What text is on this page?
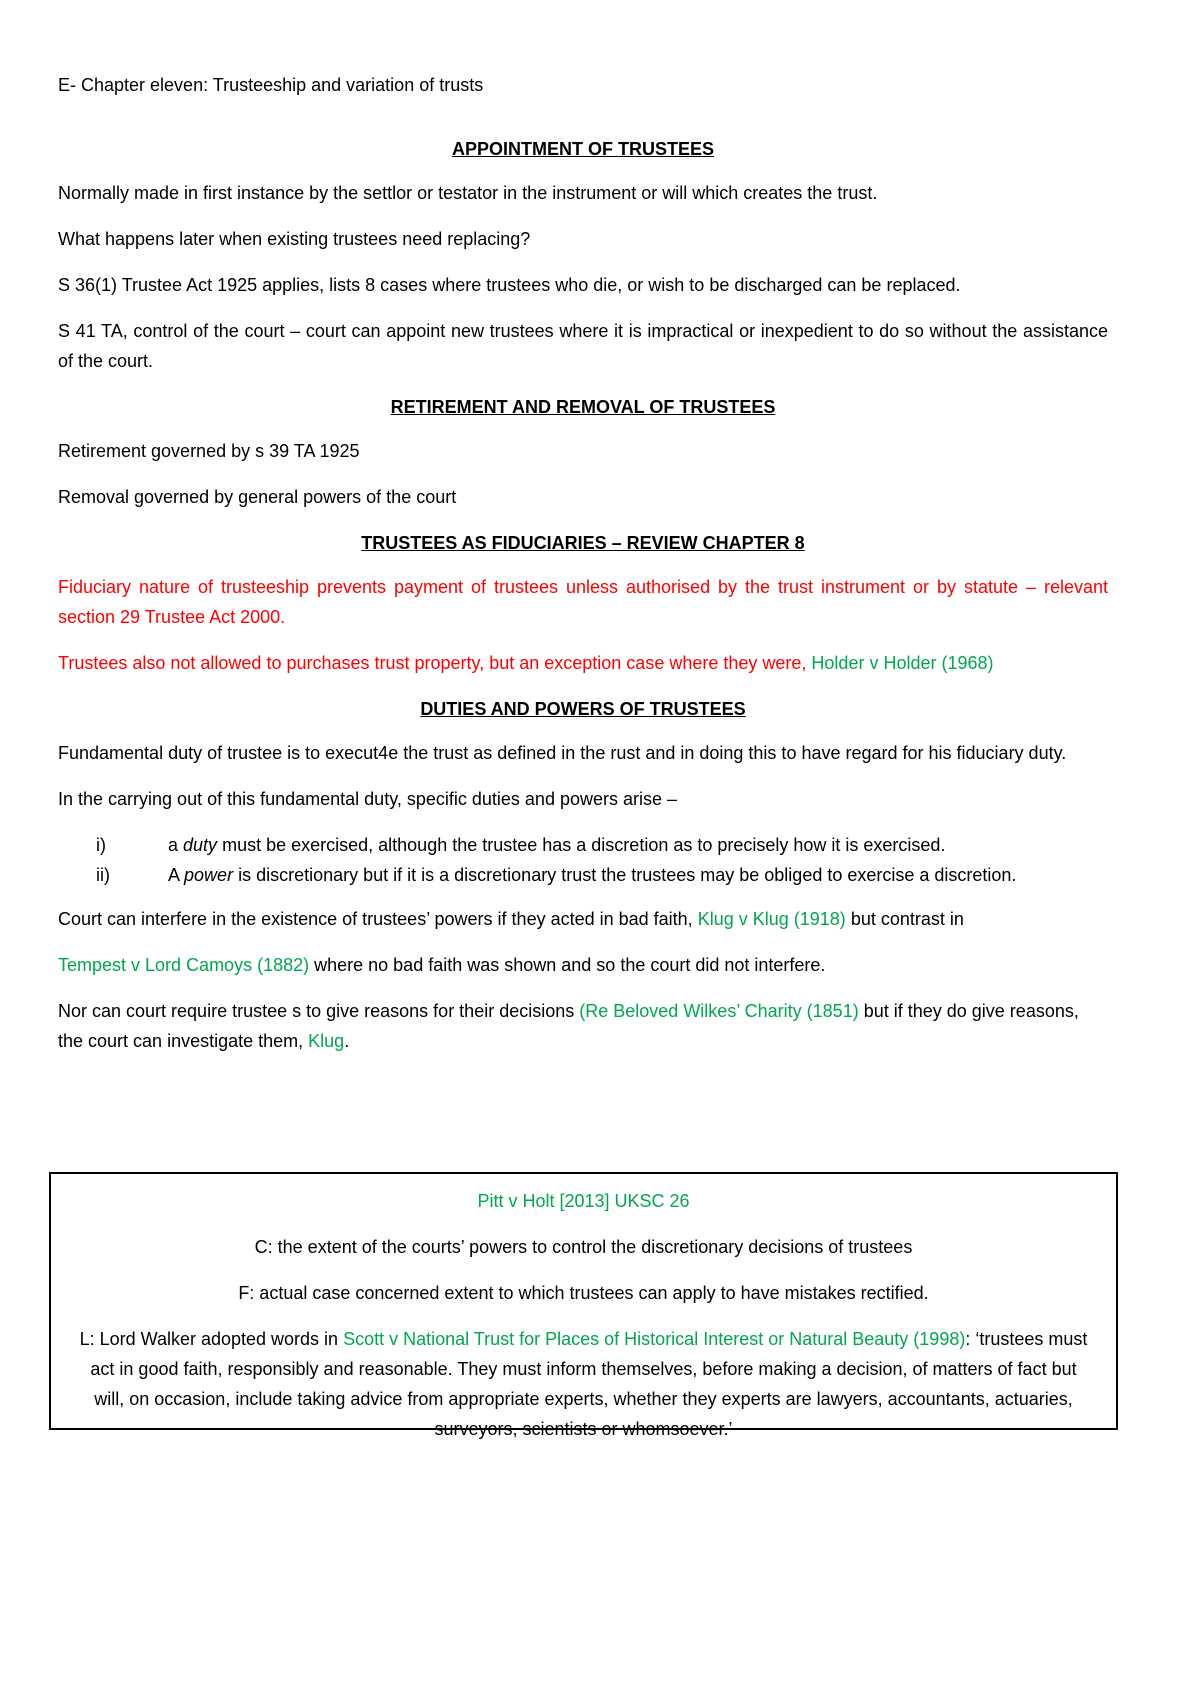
E- Chapter eleven: Trusteeship and variation of trusts

APPOINTMENT OF TRUSTEES

Normally made in first instance by the settlor or testator in the instrument or will which creates the trust.

What happens later when existing trustees need replacing?

S 36(1) Trustee Act 1925 applies, lists 8 cases where trustees who die, or wish to be discharged can be replaced.

S 41 TA, control of the court – court can appoint new trustees where it is impractical or inexpedient to do so without the assistance of the court.

RETIREMENT AND REMOVAL OF TRUSTEES

Retirement governed by s 39 TA 1925

Removal governed by general powers of the court

TRUSTEES AS FIDUCIARIES – REVIEW CHAPTER 8

Fiduciary nature of trusteeship prevents payment of trustees unless authorised by the trust instrument or by statute – relevant section 29 Trustee Act 2000.

Trustees also not allowed to purchases trust property, but an exception case where they were, Holder v Holder (1968)

DUTIES AND POWERS OF TRUSTEES

Fundamental duty of trustee is to execut4e the trust as defined in the rust and in doing this to have regard for his fiduciary duty.

In the carrying out of this fundamental duty, specific duties and powers arise –

i)	a duty must be exercised, although the trustee has a discretion as to precisely how it is exercised.
ii)	A power is discretionary but if it is a discretionary trust the trustees may be obliged to exercise a discretion.

Court can interfere in the existence of trustees’ powers if they acted in bad faith, Klug v Klug (1918) but contrast in

Tempest v Lord Camoys (1882) where no bad faith was shown and so the court did not interfere.

Nor can court require trustee s to give reasons for their decisions (Re Beloved Wilkes’ Charity (1851) but if they do give reasons, the court can investigate them, Klug.

Pitt v Holt [2013] UKSC 26

C: the extent of the courts’ powers to control the discretionary decisions of trustees

F: actual case concerned extent to which trustees can apply to have mistakes rectified.

L: Lord Walker adopted words in Scott v National Trust for Places of Historical Interest or Natural Beauty (1998): ‘trustees must act in good faith, responsibly and reasonable. They must inform themselves, before making a decision, of matters of fact but will, on occasion, include taking advice from appropriate experts, whether they experts are lawyers, accountants, actuaries, surveyors, scientists or whomsoever.’
